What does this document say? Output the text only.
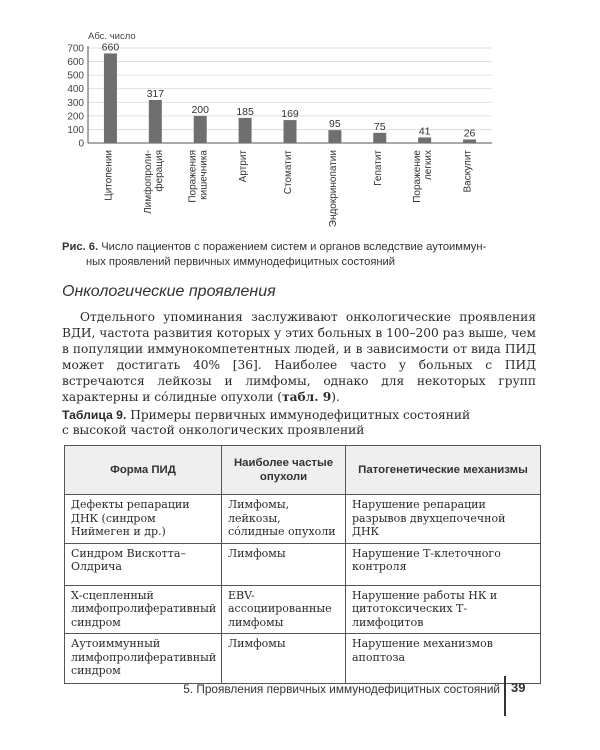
Абс. число
0
100
200
300
400
500
600
700 660
Цитопении
317
Лимфопроли- ферация
200
Поражения кишечника
185
Артрит
169
Стоматит
95
Эндокринопатии
75
Гепатит
41
Поражение легких
26
Васкулит
Рис. 6. Число пациентов с поражением систем и органов вследствие аутоиммун-
ных проявлений первичных иммунодефицитных состояний
Онкологические проявления

Отдельного упоминания заслуживают онкологические проявления ВДИ, частота развития которых у этих больных в 100–200 раз выше, чем в популяции иммунокомпетентных людей, и в зависимости от вида ПИД может достигать 40% [36]. Наиболее часто у больных с ПИД встречаются лейкозы и лимфомы, однако для некоторых групп характерны и со́лидные опухоли (табл. 9).

Таблица 9. Примеры первичных иммунодефицитных состояний
с высокой частой онкологических проявлений
Форма ПИД	Наиболее частые опухоли	Патогенетические механизмы
Дефекты репарации ДНК (синдром Ниймеген и др.)	Лимфомы, лейкозы, со́лидные опухоли	Нарушение репарации разрывов двухцепочечной ДНК
Синдром Вискотта–Олдрича	Лимфомы	Нарушение Т-клеточного контроля
Х-сцепленный лимфопролиферативный синдром	EBV-ассоциированные лимфомы	Нарушение работы НК и цитотоксических Т-лимфоцитов
Аутоиммунный лимфопролиферативный синдром	Лимфомы	Нарушение механизмов апоптоза
5. Проявления первичных иммунодефицитных состояний 39
